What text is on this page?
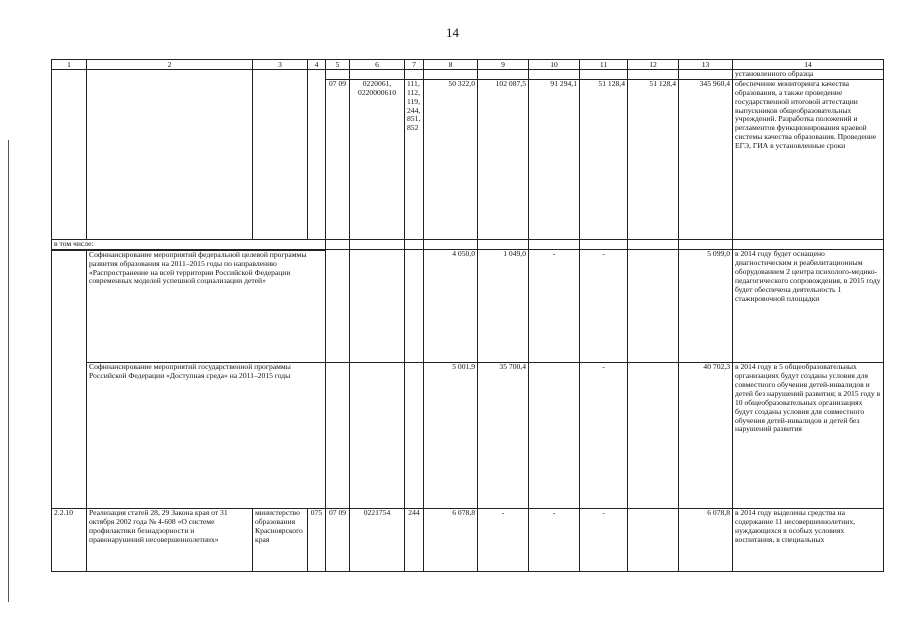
14
1	2	3	4	5	6	7	8	9	10	11	12	13	14
													установленного образца
				07 09	0220061, 0220000610	111, 112, 119, 244, 851, 852	50 322,0	102 087,5	91 294,1	51 128,4	51 128,4	345 960,4	обеспечение мониторинга качества образования, а также проведение государственной итоговой аттестации выпускников общеобразовательных учреждений. Разработка положений и регламентов функционирования краевой системы качества образования. Проведение ЕГЭ, ГИА в установленные сроки
в том числе:													
	Софинансирование мероприятий федеральной целевой программы развития образования на 2011–2015 годы по направлению «Распространение на всей территории Российской Федерации современных моделей успешной социализации детей»						4 050,0	1 049,0	-	-		5 099,0	в 2014 году будет оснащено диагностическим и реабилитационным оборудованием 2 центра психолого-медико-педагогического сопровождения, в 2015 году будет обеспечена деятельность 1 стажировочной площадки
	Софинансирование мероприятий государственной программы Российской Федерации «Доступная среда» на 2011–2015 годы						5 001,9	35 700,4		-		40 702,3	в 2014 году в 5 общеобразовательных организациях будут созданы условия для совместного обучения детей-инвалидов и детей без нарушений развития; в 2015 году в 10 общеобразовательных организациях будут созданы условия для совместного обучения детей-инвалидов и детей без нарушений развития
2.2.10	Реализация статей 28, 29 Закона края от 31 октября 2002 года № 4-608 «О системе профилактики безнадзорности и правонарушений несовершеннолетних»	министерство образования Красноярского края	075	07 09	0221754	244	6 078,8	-	-	-		6 078,8	в 2014 году выделены средства на содержание 11 несовершеннолетних, нуждающихся в особых условиях воспитания, в специальных
